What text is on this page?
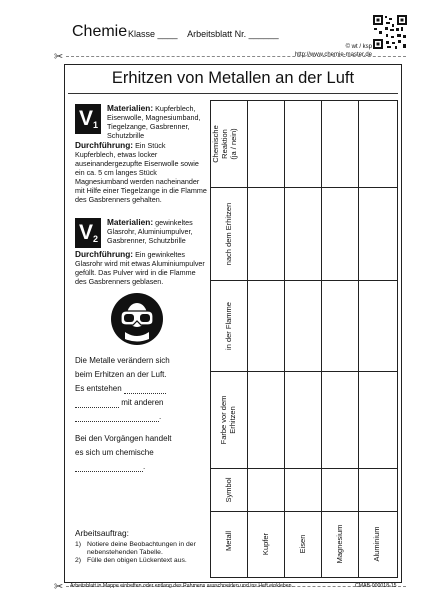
Chemie Klasse ____ Arbeitsblatt Nr. ______
© wt / ksp
http://www.chemie-master.de
✂
✂
Erhitzen von Metallen an der Luft
$V_1$
Materialien: Kupferblech, Eisenwolle, Magnesiumband, Tiegelzange, Gasbrenner, Schutzbrille
Durchführung: Ein Stück Kupferblech, etwas locker auseinandergezupfte Eisenwolle sowie ein ca. 5 cm langes Stück Magnesiumband werden nacheinander mit Hilfe einer Tiegelzange in die Flamme des Gasbrenners gehalten.
$V_2$
Materialien: gewinkeltes Glasrohr, Aluminiumpulver, Gasbrenner, Schutzbrille
Durchführung: Ein gewinkeltes Glasrohr wird mit etwas Aluminiumpulver gefüllt. Das Pulver wird in die Flamme des Gasbrenners geblasen.
Die Metalle verändern sich
beim Erhitzen an der Luft.
Es entstehen
mit anderen
.
Bei den Vorgängen handelt
es sich um chemische
.
Arbeitsauftrag:
1) Notiere deine Beobachtungen in der
nebenstehenden Tabelle.
2) Fülle den obigen Lückentext aus.
Chemische Reaktion (ja / nein)
nach dem Erhitzen
in der Flamme
Farbe vor dem Erhitzen
Symbol
Metall	Kupfer	Eisen	Magnesium	Aluminium
Arbeitsblatt in Mappe einheften oder entlang des Rahmens ausschneiden und ins Heft einkleben.	CMAB-000018-15
